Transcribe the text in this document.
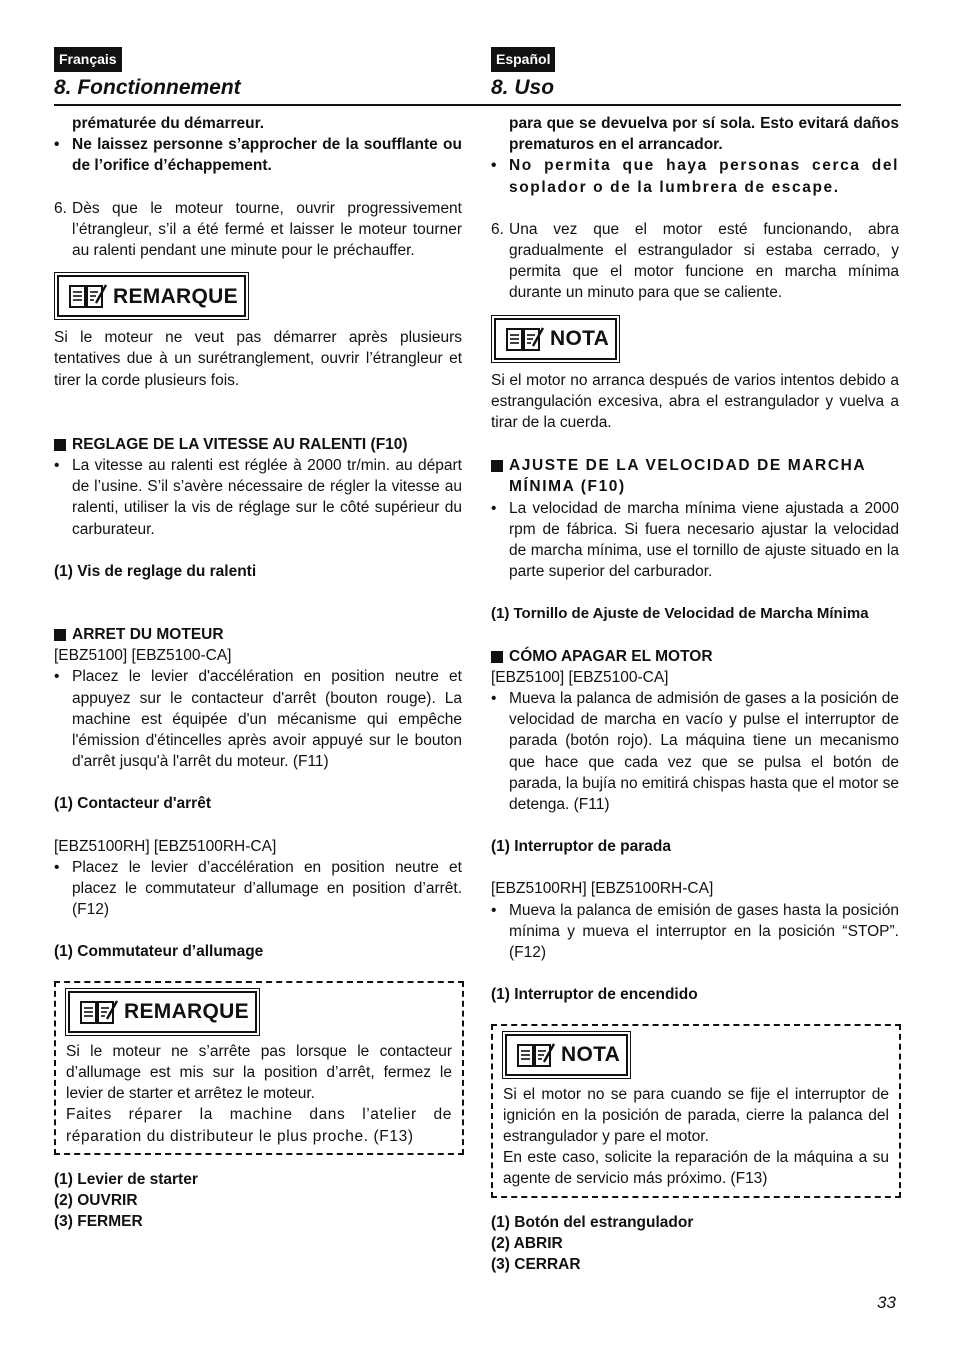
Français
8. Fonctionnement
Español
8. Uso
prématurée du démarreur.
• Ne laissez personne s’approcher de la soufflante ou de l’orifice d’échappement.
6. Dès que le moteur tourne, ouvrir progressivement l’étrangleur, s’il a été fermé et laisser le moteur tourner au ralenti pendant une minute pour le préchauffer.
REMARQUE
Si le moteur ne veut pas démarrer après plusieurs tentatives due à un surétranglement, ouvrir l’étrangleur et tirer la corde plusieurs fois.
REGLAGE DE LA VITESSE AU RALENTI (F10)
• La vitesse au ralenti est réglée à 2000 tr/min. au départ de l’usine. S’il s’avère nécessaire de régler la vitesse au ralenti, utiliser la vis de réglage sur le côté supérieur du carburateur.
(1) Vis de reglage du ralenti
ARRET DU MOTEUR
[EBZ5100] [EBZ5100-CA]
• Placez le levier d'accélération en position neutre et appuyez sur le contacteur d'arrêt (bouton rouge). La machine est équipée d'un mécanisme qui empêche l'émission d'étincelles après avoir appuyé sur le bouton d'arrêt jusqu'à l'arrêt du moteur. (F11)
(1) Contacteur d'arrêt
[EBZ5100RH] [EBZ5100RH-CA]
• Placez le levier d’accélération en position neutre et placez le commutateur d’allumage en position d’arrêt. (F12)
(1) Commutateur d’allumage
REMARQUE
Si le moteur ne s’arrête pas lorsque le contacteur d’allumage est mis sur la position d’arrêt, fermez le levier de starter et arrêtez le moteur.
Faites réparer la machine dans l’atelier de réparation du distributeur le plus proche. (F13)
(1) Levier de starter
(2) OUVRIR
(3) FERMER
para que se devuelva por sí sola. Esto evitará daños prematuros en el arrancador.
• No permita que haya personas cerca del soplador o de la lumbrera de escape.
6. Una vez que el motor esté funcionando, abra gradualmente el estrangulador si estaba cerrado, y permita que el motor funcione en marcha mínima durante un minuto para que se caliente.
NOTA
Si el motor no arranca después de varios intentos debido a estrangulación excesiva, abra el estrangulador y vuelva a tirar de la cuerda.
AJUSTE DE LA VELOCIDAD DE MARCHA MÍNIMA (F10)
• La velocidad de marcha mínima viene ajustada a 2000 rpm de fábrica. Si fuera necesario ajustar la velocidad de marcha mínima, use el tornillo de ajuste situado en la parte superior del carburador.
(1) Tornillo de Ajuste de Velocidad de Marcha Mínima
CÓMO APAGAR EL MOTOR
[EBZ5100] [EBZ5100-CA]
• Mueva la palanca de admisión de gases a la posición de velocidad de marcha en vacío y pulse el interruptor de parada (botón rojo). La máquina tiene un mecanismo que hace que cada vez que se pulsa el botón de parada, la bujía no emitirá chispas hasta que el motor se detenga. (F11)
(1) Interruptor de parada
[EBZ5100RH] [EBZ5100RH-CA]
• Mueva la palanca de emisión de gases hasta la posición mínima y mueva el interruptor en la posición “STOP”. (F12)
(1) Interruptor de encendido
NOTA
Si el motor no se para cuando se fije el interruptor de ignición en la posición de parada, cierre la palanca del estrangulador y pare el motor.
En este caso, solicite la reparación de la máquina a su agente de servicio más próximo. (F13)
(1) Botón del estrangulador
(2) ABRIR
(3) CERRAR
33
